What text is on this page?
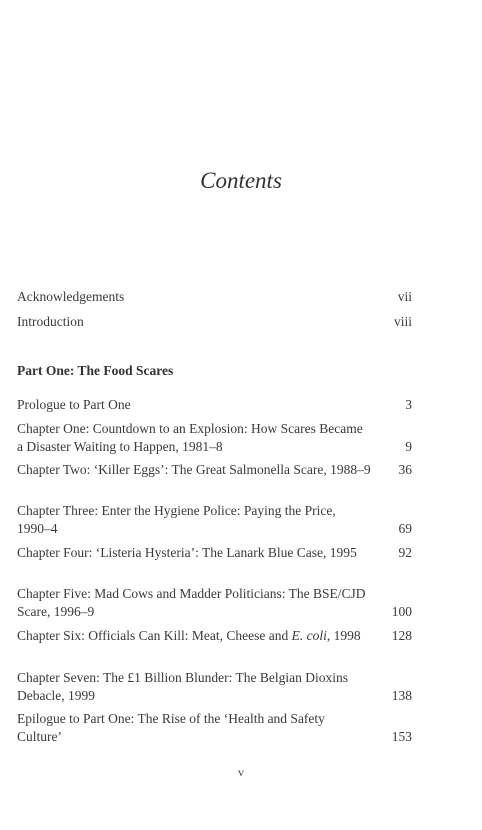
Contents
Acknowledgements	vii
Introduction	viii
Part One: The Food Scares
Prologue to Part One	3
Chapter One: Countdown to an Explosion: How Scares Became a Disaster Waiting to Happen, 1981–8	9
Chapter Two: ‘Killer Eggs’: The Great Salmonella Scare, 1988–9 36
Chapter Three: Enter the Hygiene Police: Paying the Price, 1990–4	69
Chapter Four: ‘Listeria Hysteria’: The Lanark Blue Case, 1995	92
Chapter Five: Mad Cows and Madder Politicians: The BSE/CJD Scare, 1996–9	100
Chapter Six: Officials Can Kill: Meat, Cheese and E. coli, 1998	128
Chapter Seven: The £1 Billion Blunder: The Belgian Dioxins Debacle, 1999	138
Epilogue to Part One: The Rise of the ‘Health and Safety Culture’	153
v
